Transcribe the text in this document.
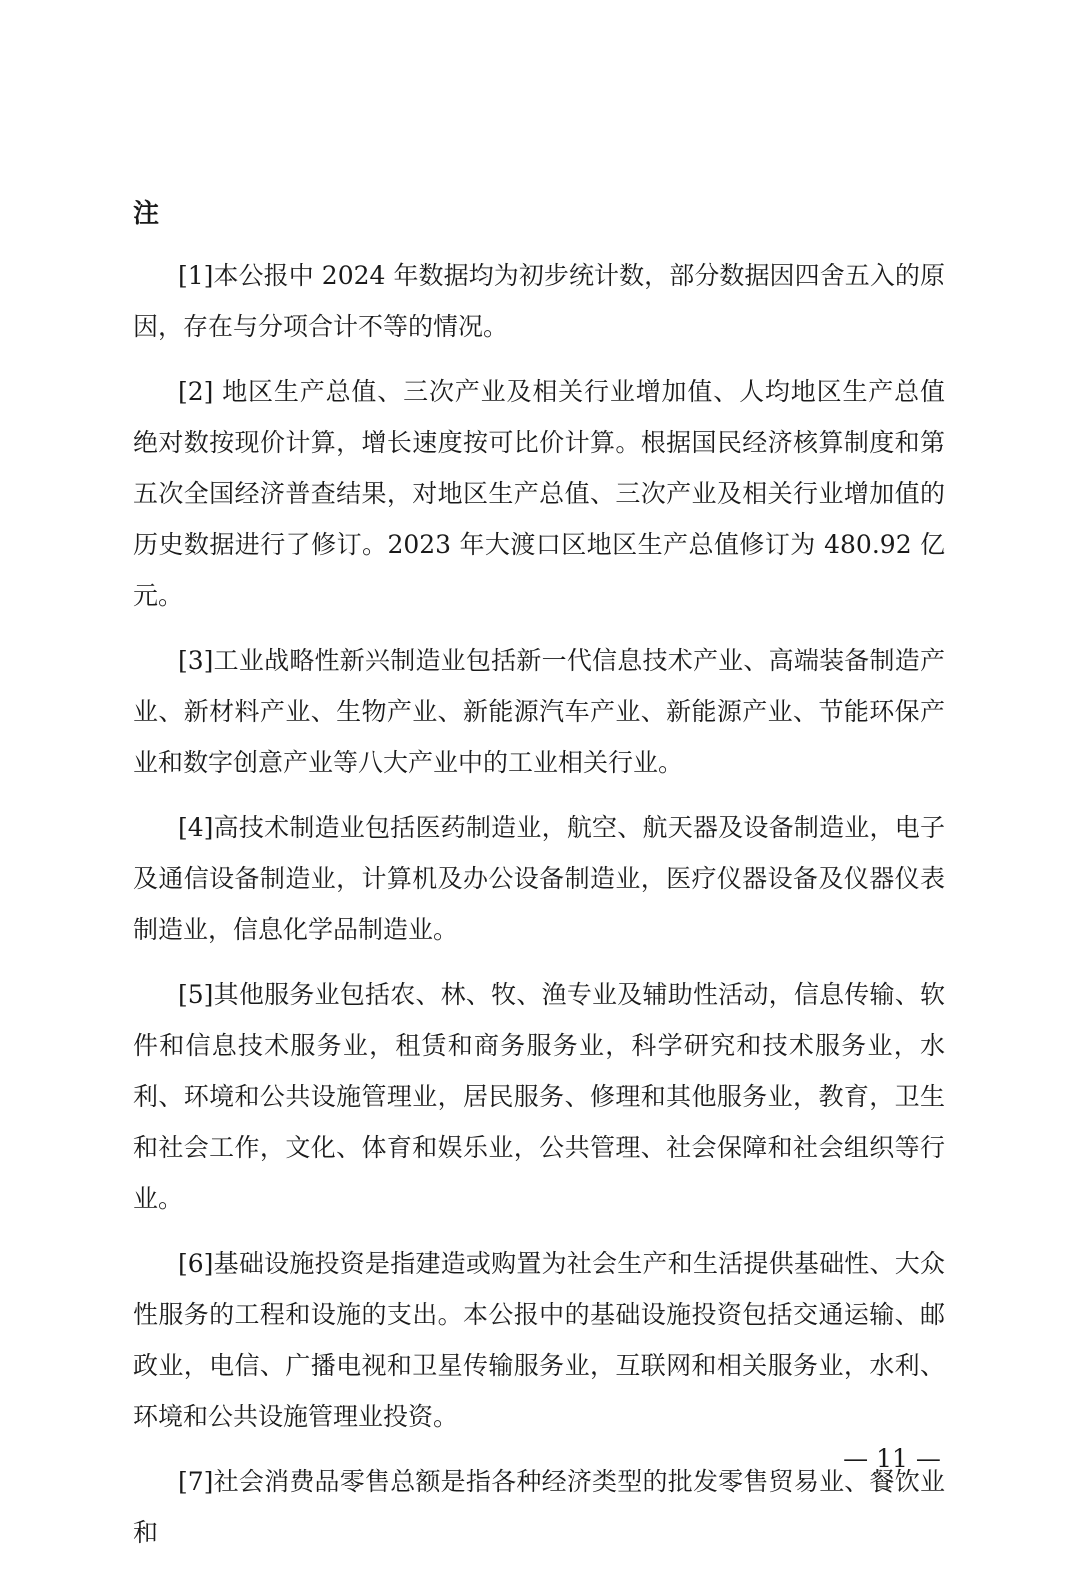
注

[1]本公报中 2024 年数据均为初步统计数，部分数据因四舍五入的原因，存在与分项合计不等的情况。

[2] 地区生产总值、三次产业及相关行业增加值、人均地区生产总值绝对数按现价计算，增长速度按可比价计算。根据国民经济核算制度和第五次全国经济普查结果，对地区生产总值、三次产业及相关行业增加值的历史数据进行了修订。2023 年大渡口区地区生产总值修订为 480.92 亿元。

[3]工业战略性新兴制造业包括新一代信息技术产业、高端装备制造产业、新材料产业、生物产业、新能源汽车产业、新能源产业、节能环保产业和数字创意产业等八大产业中的工业相关行业。

[4]高技术制造业包括医药制造业，航空、航天器及设备制造业，电子及通信设备制造业，计算机及办公设备制造业，医疗仪器设备及仪器仪表制造业，信息化学品制造业。

[5]其他服务业包括农、林、牧、渔专业及辅助性活动，信息传输、软件和信息技术服务业，租赁和商务服务业，科学研究和技术服务业，水利、环境和公共设施管理业，居民服务、修理和其他服务业，教育，卫生和社会工作，文化、体育和娱乐业，公共管理、社会保障和社会组织等行业。

[6]基础设施投资是指建造或购置为社会生产和生活提供基础性、大众性服务的工程和设施的支出。本公报中的基础设施投资包括交通运输、邮政业，电信、广播电视和卫星传输服务业，互联网和相关服务业，水利、环境和公共设施管理业投资。

[7]社会消费品零售总额是指各种经济类型的批发零售贸易业、餐饮业和

— 11 —
